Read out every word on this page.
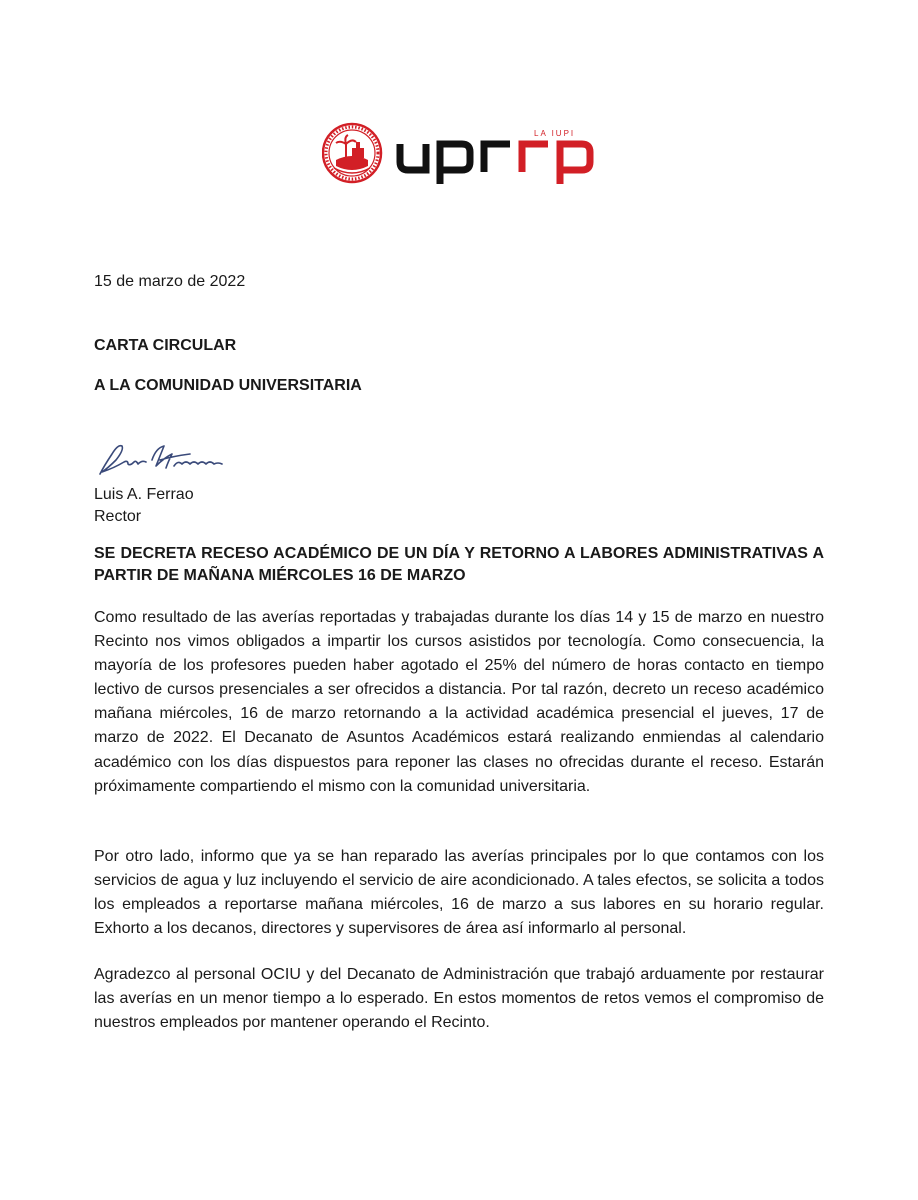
LA IUPI
15 de marzo de 2022
CARTA CIRCULAR
A LA COMUNIDAD UNIVERSITARIA
Luis A. Ferrao
Rector
SE DECRETA RECESO ACADÉMICO DE UN DÍA Y RETORNO A LABORES ADMINISTRATIVAS A PARTIR DE MAÑANA MIÉRCOLES 16 DE MARZO

Como resultado de las averías reportadas y trabajadas durante los días 14 y 15 de marzo en nuestro Recinto nos vimos obligados a impartir los cursos asistidos por tecnología. Como consecuencia, la mayoría de los profesores pueden haber agotado el 25% del número de horas contacto en tiempo lectivo de cursos presenciales a ser ofrecidos a distancia. Por tal razón, decreto un receso académico mañana miércoles, 16 de marzo retornando a la actividad académica presencial el jueves, 17 de marzo de 2022. El Decanato de Asuntos Académicos estará realizando enmiendas al calendario académico con los días dispuestos para reponer las clases no ofrecidas durante el receso. Estarán próximamente compartiendo el mismo con la comunidad universitaria.

Por otro lado, informo que ya se han reparado las averías principales por lo que contamos con los servicios de agua y luz incluyendo el servicio de aire acondicionado. A tales efectos, se solicita a todos los empleados a reportarse mañana miércoles, 16 de marzo a sus labores en su horario regular. Exhorto a los decanos, directores y supervisores de área así informarlo al personal.

Agradezco al personal OCIU y del Decanato de Administración que trabajó arduamente por restaurar las averías en un menor tiempo a lo esperado. En estos momentos de retos vemos el compromiso de nuestros empleados por mantener operando el Recinto.
